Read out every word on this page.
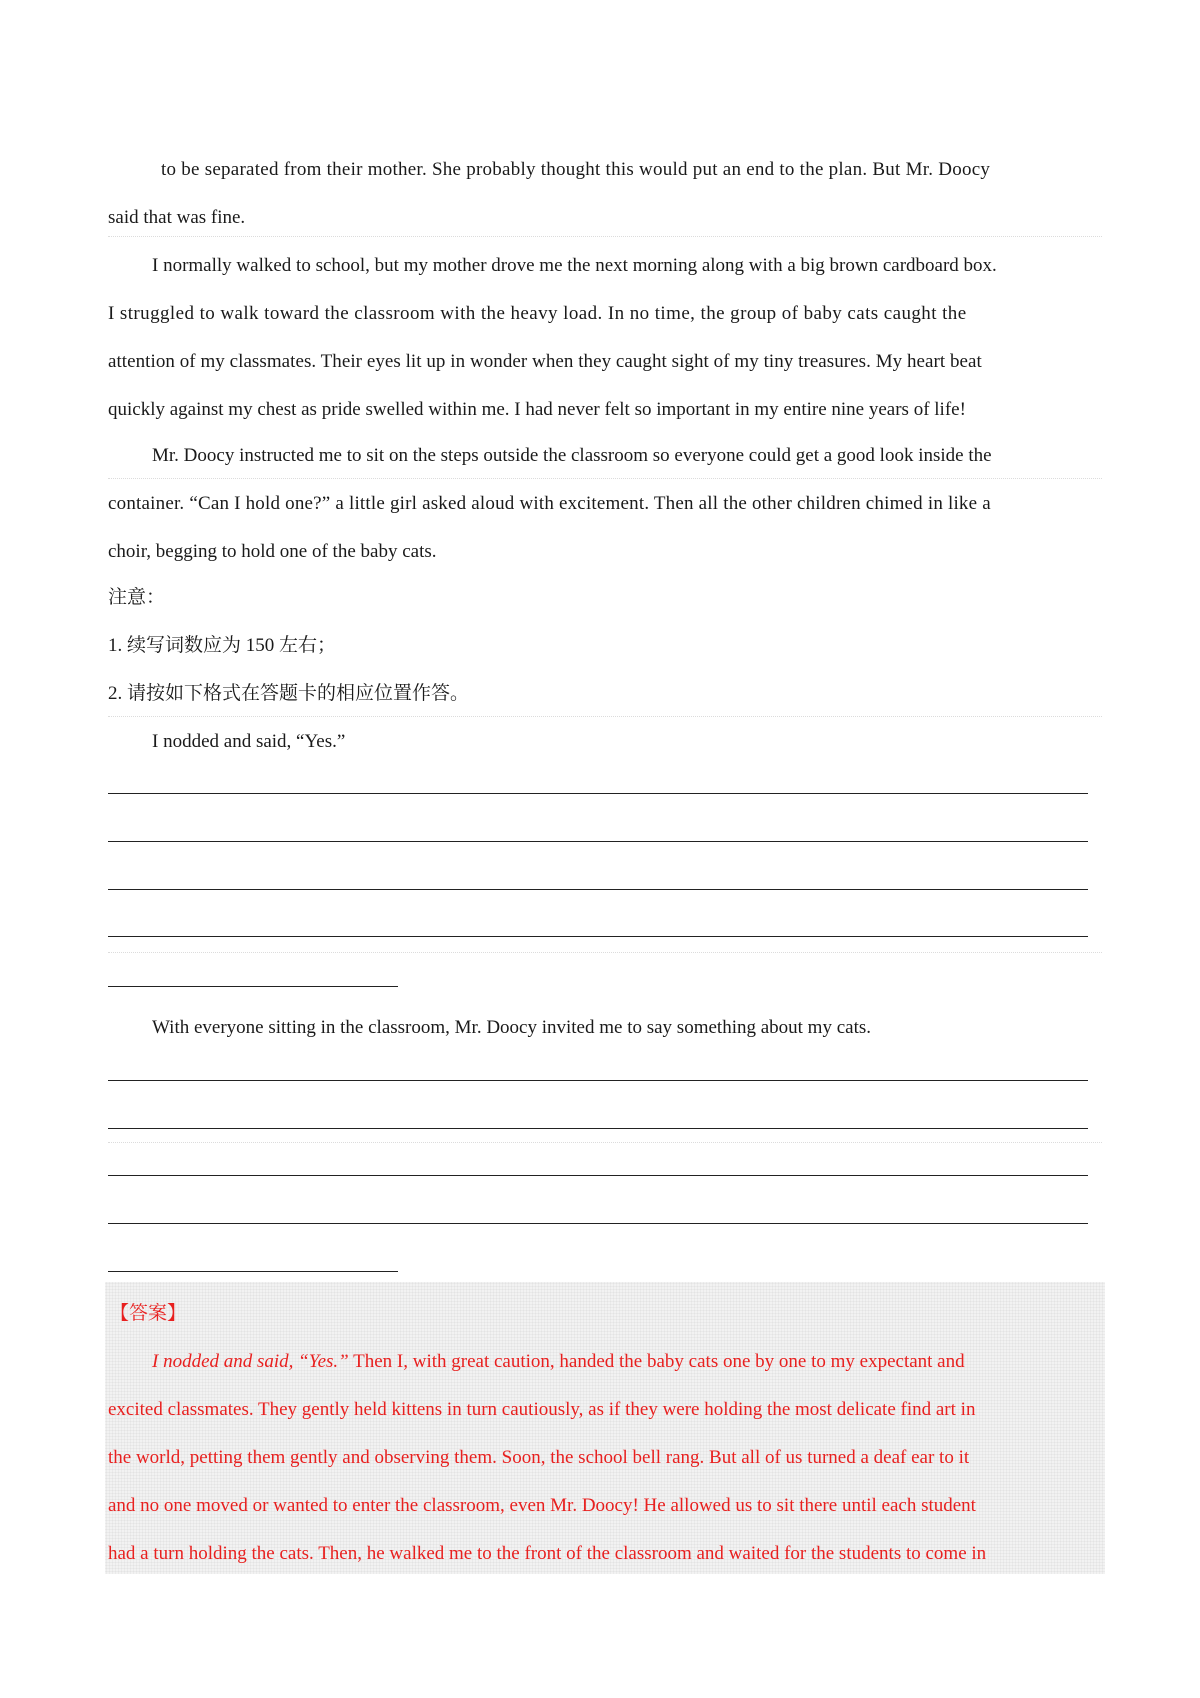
to be separated from their mother. She probably thought this would put an end to the plan. But Mr. Doocy
said that was fine.
I normally walked to school, but my mother drove me the next morning along with a big brown cardboard box.
I struggled to walk toward the classroom with the heavy load. In no time, the group of baby cats caught the
attention of my classmates. Their eyes lit up in wonder when they caught sight of my tiny treasures. My heart beat
quickly against my chest as pride swelled within me. I had never felt so important in my entire nine years of life!
Mr. Doocy instructed me to sit on the steps outside the classroom so everyone could get a good look inside the
container. “Can I hold one?” a little girl asked aloud with excitement. Then all the other children chimed in like a
choir, begging to hold one of the baby cats.
注意：
1. 续写词数应为 150 左右；
2. 请按如下格式在答题卡的相应位置作答。
I nodded and said, “Yes.”
With everyone sitting in the classroom, Mr. Doocy invited me to say something about my cats.
【答案】
I nodded and said, “Yes.” Then I, with great caution, handed the baby cats one by one to my expectant and
excited classmates. They gently held kittens in turn cautiously, as if they were holding the most delicate find art in
the world, petting them gently and observing them. Soon, the school bell rang. But all of us turned a deaf ear to it
and no one moved or wanted to enter the classroom, even Mr. Doocy! He allowed us to sit there until each student
had a turn holding the cats. Then, he walked me to the front of the classroom and waited for the students to come in
